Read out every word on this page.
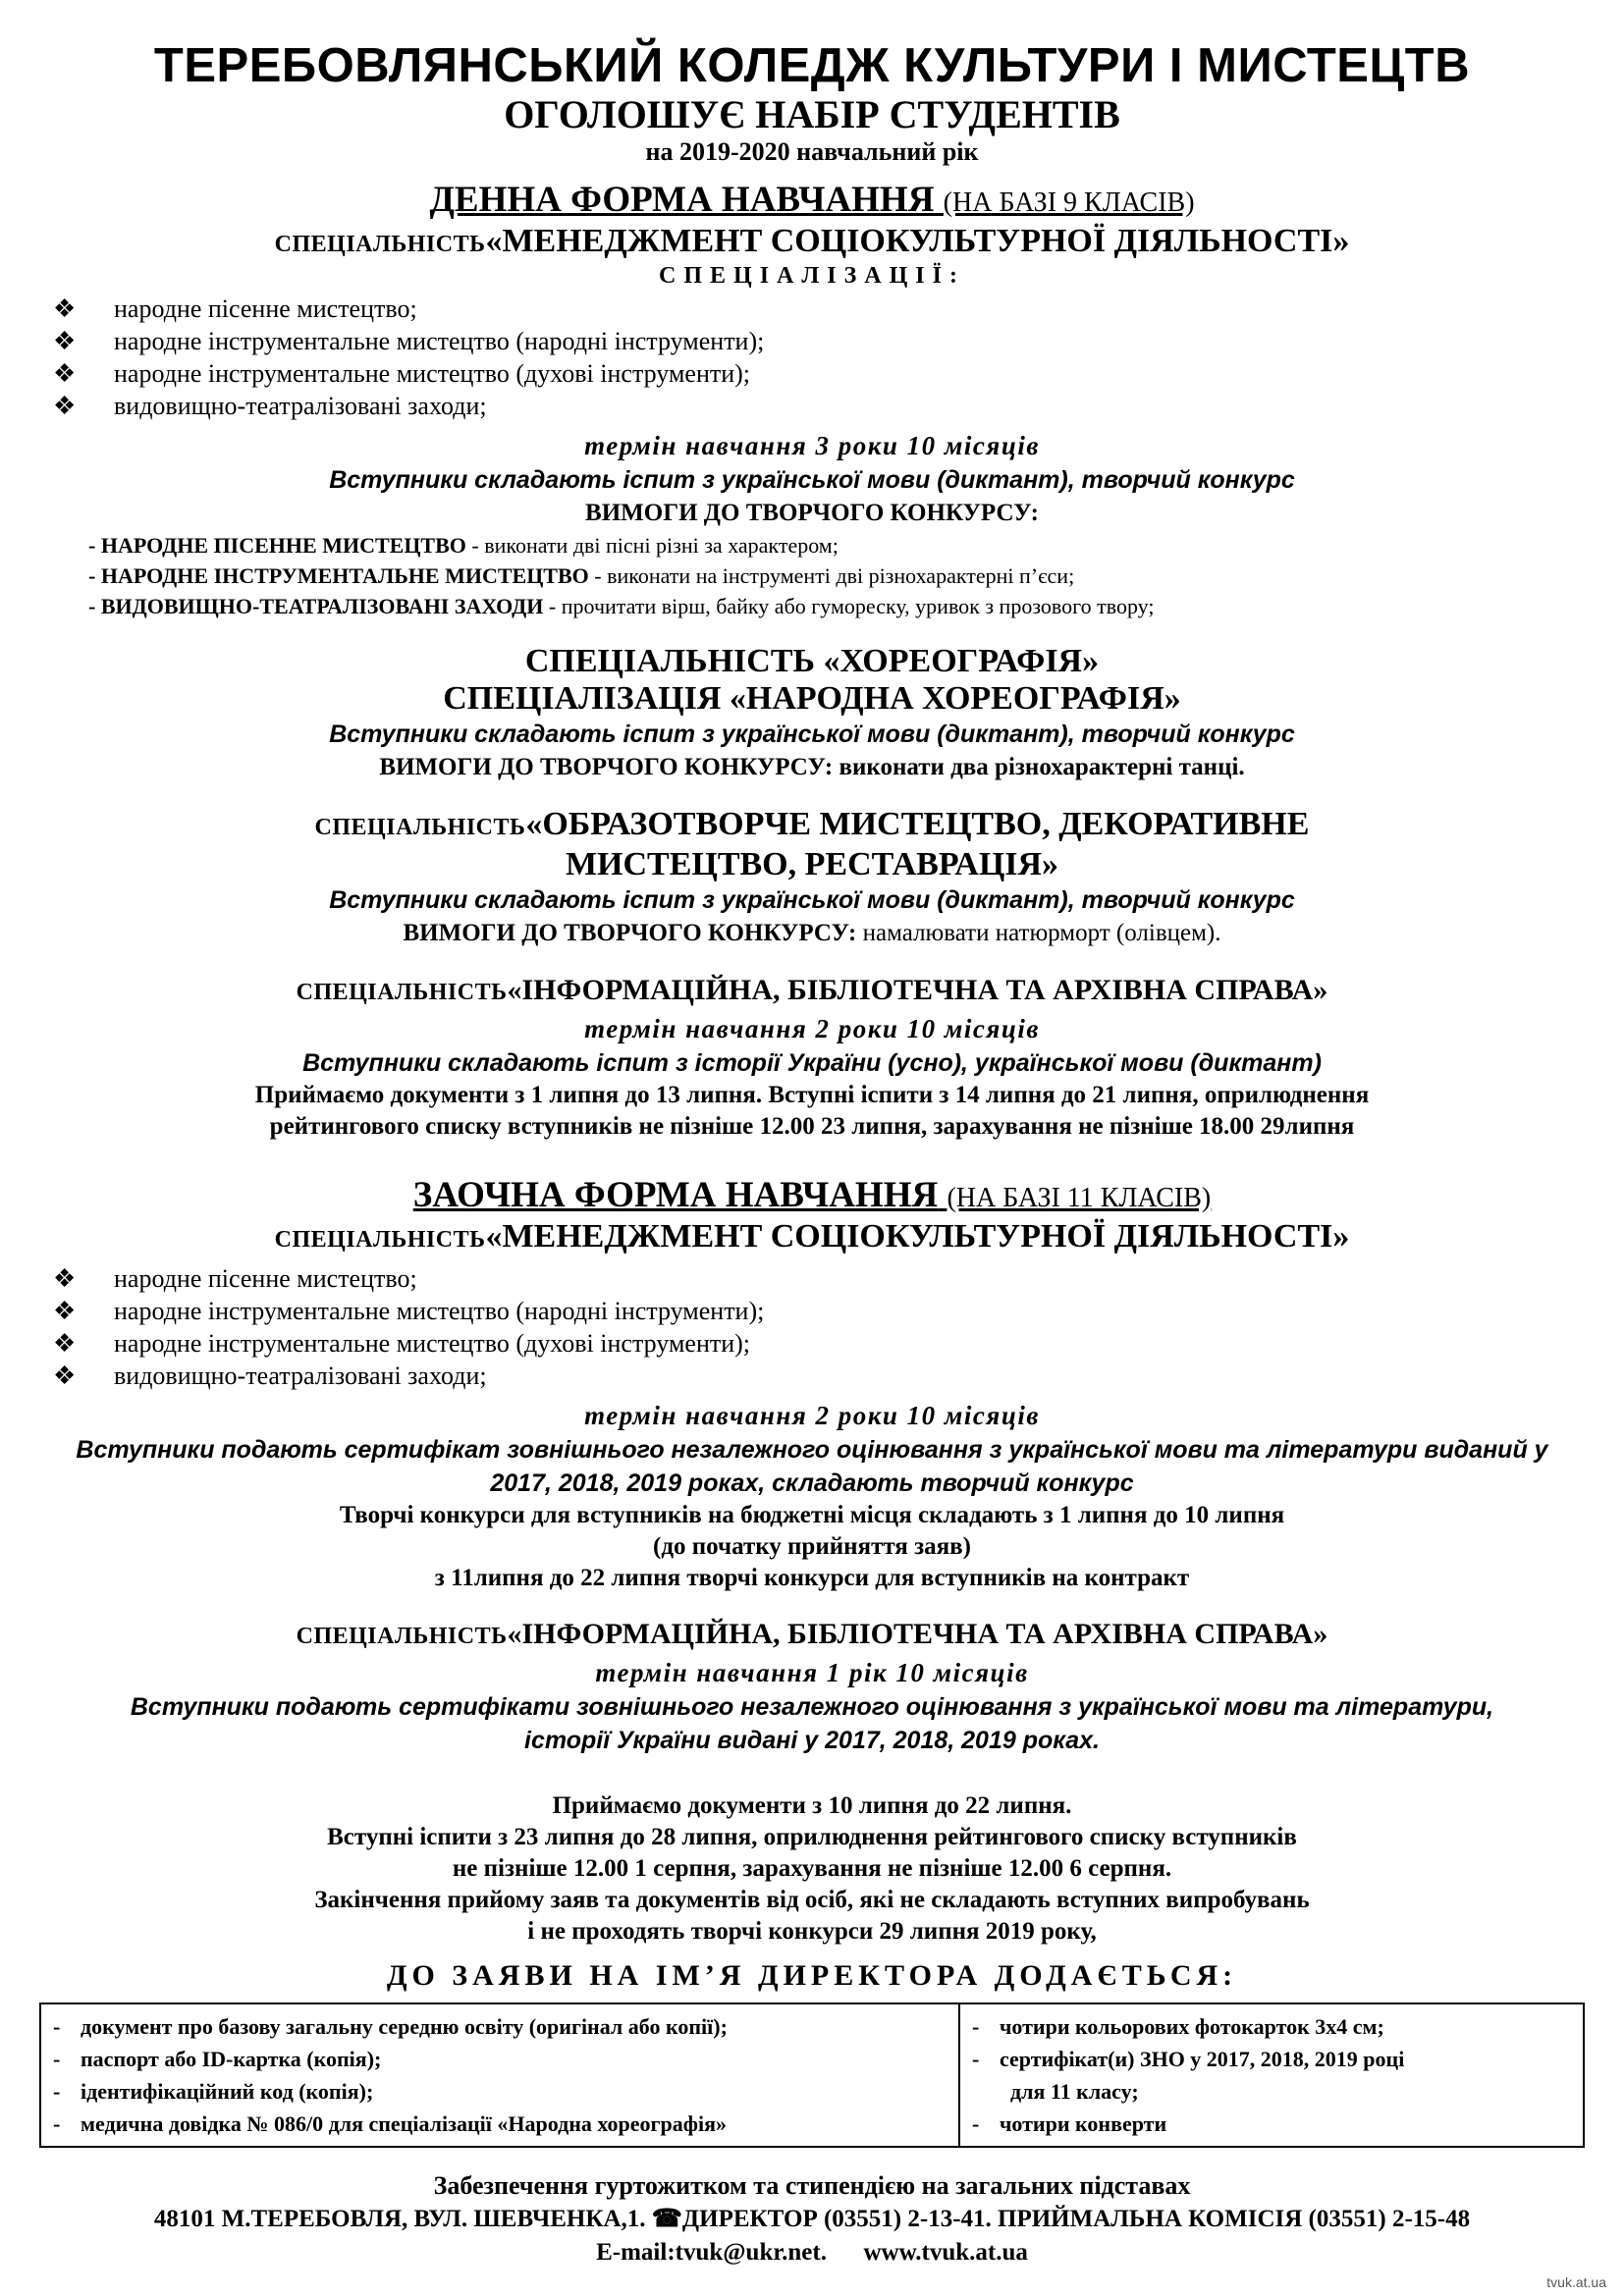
ТЕРЕБОВЛЯНСЬКИЙ КОЛЕДЖ КУЛЬТУРИ І МИСТЕЦТВ

ОГОЛОШУЄ НАБІР СТУДЕНТІВ

на 2019-2020 навчальний рік

ДЕННА ФОРМА НАВЧАННЯ (НА БАЗІ 9 КЛАСІВ)

СПЕЦІАЛЬНІСТЬ«МЕНЕДЖМЕНТ СОЦІОКУЛЬТУРНОЇ ДІЯЛЬНОСТІ»

СПЕЦІАЛІЗАЦІЇ:

❖	народне пісенне мистецтво;
❖	народне інструментальне мистецтво (народні інструменти);
❖	народне інструментальне мистецтво (духові інструменти);
❖	видовищно-театралізовані заходи;

термін навчання 3 роки 10 місяців

Вступники складають іспит з української мови (диктант), творчий конкурс

ВИМОГИ ДО ТВОРЧОГО КОНКУРСУ:

- НАРОДНЕ ПІСЕННЕ МИСТЕЦТВО - виконати дві пісні різні за характером;
- НАРОДНЕ ІНСТРУМЕНТАЛЬНЕ МИСТЕЦТВО - виконати на інструменті дві різнохарактерні п’єси;
- ВИДОВИЩНО-ТЕАТРАЛІЗОВАНІ ЗАХОДИ - прочитати вірш, байку або гумореску, уривок з прозового твору;

СПЕЦІАЛЬНІСТЬ «ХОРЕОГРАФІЯ»

СПЕЦІАЛІЗАЦІЯ «НАРОДНА ХОРЕОГРАФІЯ»

Вступники складають іспит з української мови (диктант), творчий конкурс

ВИМОГИ ДО ТВОРЧОГО КОНКУРСУ: виконати два різнохарактерні танці.

СПЕЦІАЛЬНІСТЬ«ОБРАЗОТВОРЧЕ МИСТЕЦТВО, ДЕКОРАТИВНЕ

МИСТЕЦТВО, РЕСТАВРАЦІЯ»

Вступники складають іспит з української мови (диктант), творчий конкурс

ВИМОГИ ДО ТВОРЧОГО КОНКУРСУ: намалювати натюрморт (олівцем).

СПЕЦІАЛЬНІСТЬ«ІНФОРМАЦІЙНА, БІБЛІОТЕЧНА ТА АРХІВНА СПРАВА»

термін навчання 2 роки 10 місяців

Вступники складають іспит з історії України (усно), української мови (диктант)

Приймаємо документи з 1 липня до 13 липня. Вступні іспити з 14 липня до 21 липня, оприлюднення

рейтингового списку вступників не пізніше 12.00 23 липня, зарахування не пізніше 18.00 29липня

ЗАОЧНА ФОРМА НАВЧАННЯ (НА БАЗІ 11 КЛАСІВ)

СПЕЦІАЛЬНІСТЬ«МЕНЕДЖМЕНТ СОЦІОКУЛЬТУРНОЇ ДІЯЛЬНОСТІ»

❖	народне пісенне мистецтво;
❖	народне інструментальне мистецтво (народні інструменти);
❖	народне інструментальне мистецтво (духові інструменти);
❖	видовищно-театралізовані заходи;

термін навчання 2 роки 10 місяців

Вступники подають сертифікат зовнішнього незалежного оцінювання з української мови та літератури виданий у

2017, 2018, 2019 роках, складають творчий конкурс

Творчі конкурси для вступників на бюджетні місця складають з 1 липня до 10 липня

(до початку прийняття заяв)

з 11липня до 22 липня творчі конкурси для вступників на контракт

СПЕЦІАЛЬНІСТЬ«ІНФОРМАЦІЙНА, БІБЛІОТЕЧНА ТА АРХІВНА СПРАВА»

термін навчання 1 рік 10 місяців

Вступники подають сертифікати зовнішнього незалежного оцінювання з української мови та літератури,

історії України видані у 2017, 2018, 2019 роках.

Приймаємо документи з 10 липня до 22 липня.

Вступні іспити з 23 липня до 28 липня, оприлюднення рейтингового списку вступників

не пізніше 12.00 1 серпня, зарахування не пізніше 12.00 6 серпня.

Закінчення прийому заяв та документів від осіб, які не складають вступних випробувань

і не проходять творчі конкурси 29 липня 2019 року,

ДО ЗАЯВИ НА ІМ’Я ДИРЕКТОРА ДОДАЄТЬСЯ:

- документ про базову загальну середню освіту (оригінал або копії);
- паспорт або ID-картка (копія);
- ідентифікаційний код (копія);
- медична довідка № 086/0 для спеціалізації «Народна хореографія»

- чотири кольорових фотокарток 3х4 см;
- сертифікат(и) ЗНО у 2017, 2018, 2019 році
для 11 класу;
- чотири конверти

Забезпечення гуртожитком та стипендією на загальних підставах

48101 М.ТЕРЕБОВЛЯ, ВУЛ. ШЕВЧЕНКА,1. ☎ДИРЕКТОР (03551) 2-13-41. ПРИЙМАЛЬНА КОМІСІЯ (03551) 2-15-48

E-mail:tvuk@ukr.net. www.tvuk.at.ua

tvuk.at.ua
